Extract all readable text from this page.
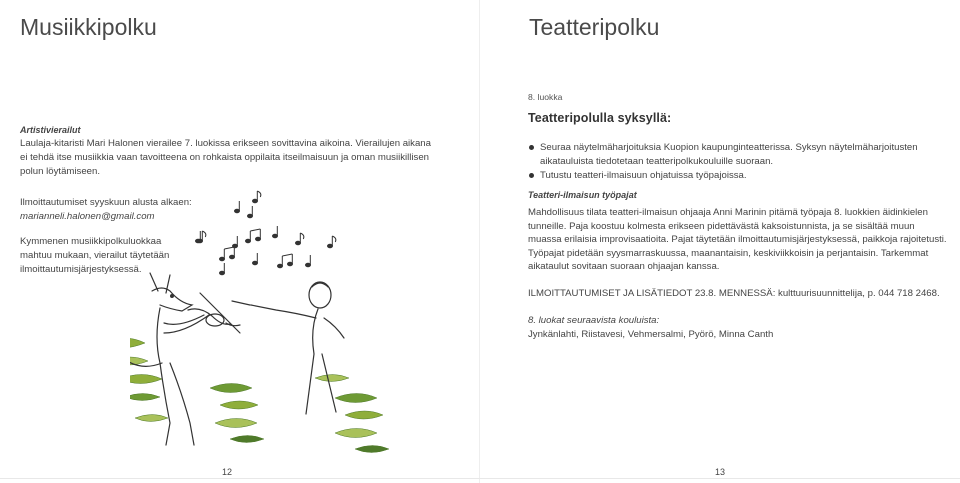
Musiikkipolku

Artistivierailut

Laulaja-kitaristi Mari Halonen vierailee 7. luokissa erikseen sovittavina aikoina. Vierailujen aikana ei tehdä itse musiikkia vaan tavoitteena on rohkaista oppilaita itseilmaisuun ja oman musiikillisen polun löytämiseen.

Ilmoittautumiset syyskuun alusta alkaen:

marianneli.halonen@gmail.com

Kymmenen musiikkipolkuluokkaa mahtuu mukaan, vierailut täytetään ilmoittautumisjärjestyksessä.

12
Teatteripolku

8. luokka

Teatteripolulla syksyllä:
Seuraa näytelmäharjoituksia Kuopion kaupunginteatterissa. Syksyn näytelmäharjoitusten aikatauluista tiedotetaan teatteripolkukouluille suoraan.
Tutustu teatteri-ilmaisuun ohjatuissa työpajoissa.

Teatteri-ilmaisun työpajat

Mahdollisuus tilata teatteri-ilmaisun ohjaaja Anni Marinin pitämä työpaja 8. luokkien äidinkielen tunneille. Paja koostuu kolmesta erikseen pidettävästä kaksoistunnista, ja se sisältää muun muassa erilaisia improvisaatioita. Pajat täytetään ilmoittautumisjärjestyksessä, paikkoja rajoitetusti. Työpajat pidetään syysmarraskuussa, maanantaisin, keskiviikkoisin ja perjantaisin. Tarkemmat aikataulut sovitaan suoraan ohjaajan kanssa.

ILMOITTAUTUMISET JA LISÄTIEDOT 23.8. MENNESSÄ: kulttuurisuunnittelija, p. 044 718 2468.

8. luokat seuraavista kouluista:

Jynkänlahti, Riistavesi, Vehmersalmi, Pyörö, Minna Canth

13
